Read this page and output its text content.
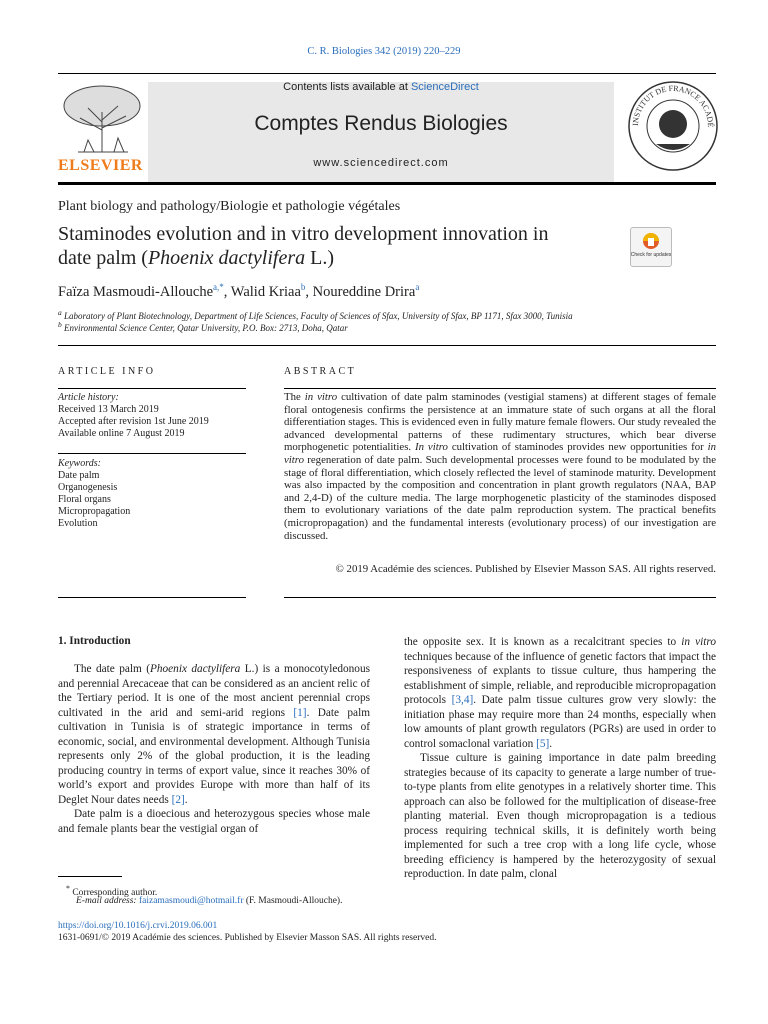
C. R. Biologies 342 (2019) 220–229
ELSEVIER
Contents lists available at ScienceDirect
Comptes Rendus Biologies
www.sciencedirect.com
INSTITUT DE FRANCE ACADÉ
Plant biology and pathology/Biologie et pathologie végétales
Staminodes evolution and in vitro development innovation in
date palm (Phoenix dactylifera L.)	Check for updates
Faïza Masmoudi-Allouche$^{a,*}$, Walid Kriaa$^b$, Noureddine Drira$^a$
$^a$ Laboratory of Plant Biotechnology, Department of Life Sciences, Faculty of Sciences of Sfax, University of Sfax, BP 1171, Sfax 3000, Tunisia
$^b$ Environmental Science Center, Qatar University, P.O. Box: 2713, Doha, Qatar
ARTICLE INFO
Article history:
Received 13 March 2019
Accepted after revision 1st June 2019
Available online 7 August 2019
Keywords:
Date palm
Organogenesis
Floral organs
Micropropagation
Evolution
ABSTRACT
The in vitro cultivation of date palm staminodes (vestigial stamens) at different stages of female floral ontogenesis confirms the persistence at an immature state of such organs at all the floral differentiation stages. This is evidenced even in fully mature female flowers. Our study revealed the advanced developmental patterns of these rudimentary structures, which bear diverse morphogenetic potentialities. In vitro cultivation of staminodes provides new opportunities for in vitro regeneration of date palm. Such developmental processes were found to be modulated by the stage of floral differentiation, which closely reflected the level of staminode maturity. Development was also impacted by the composition and concentration in plant growth regulators (NAA, BAP and 2,4-D) of the culture media. The large morphogenetic plasticity of the staminodes disposed them to evolutionary variations of the date palm reproduction system. The practical benefits (micropropagation) and the fundamental interests (evolutionary process) of our investigation are discussed.
© 2019 Académie des sciences. Published by Elsevier Masson SAS. All rights reserved.
1. Introduction

The date palm (Phoenix dactylifera L.) is a monocotyledonous and perennial Arecaceae that can be considered as an ancient relic of the Tertiary period. It is one of the most ancient perennial crops cultivated in the arid and semi-arid regions [1]. Date palm cultivation in Tunisia is of strategic importance in terms of economic, social, and environmental development. Although Tunisia represents only 2% of the global production, it is the leading producing country in terms of export value, since it reaches 30% of world’s export and provides Europe with more than half of its Deglet Nour dates needs [2].

Date palm is a dioecious and heterozygous species whose male and female plants bear the vestigial organ of

the opposite sex. It is known as a recalcitrant species to in vitro techniques because of the influence of genetic factors that impact the responsiveness of explants to tissue culture, thus hampering the establishment of simple, reliable, and reproducible micropropagation protocols [3,4]. Date palm tissue cultures grow very slowly: the initiation phase may require more than 24 months, especially when low amounts of plant growth regulators (PGRs) are used in order to control somaclonal variation [5].

Tissue culture is gaining importance in date palm breeding strategies because of its capacity to generate a large number of true-to-type plants from elite genotypes in a relatively shorter time. This approach can also be followed for the multiplication of disease-free planting material. Even though micropropagation is a tedious process requiring technical skills, it is definitely worth being implemented for such a tree crop with a long life cycle, whose breeding efficiency is hampered by the heterozygosity of sexual reproduction. In date palm, clonal

* Corresponding author.
E-mail address: faizamasmoudi@hotmail.fr (F. Masmoudi-Allouche).
https://doi.org/10.1016/j.crvi.2019.06.001
1631-0691/© 2019 Académie des sciences. Published by Elsevier Masson SAS. All rights reserved.
